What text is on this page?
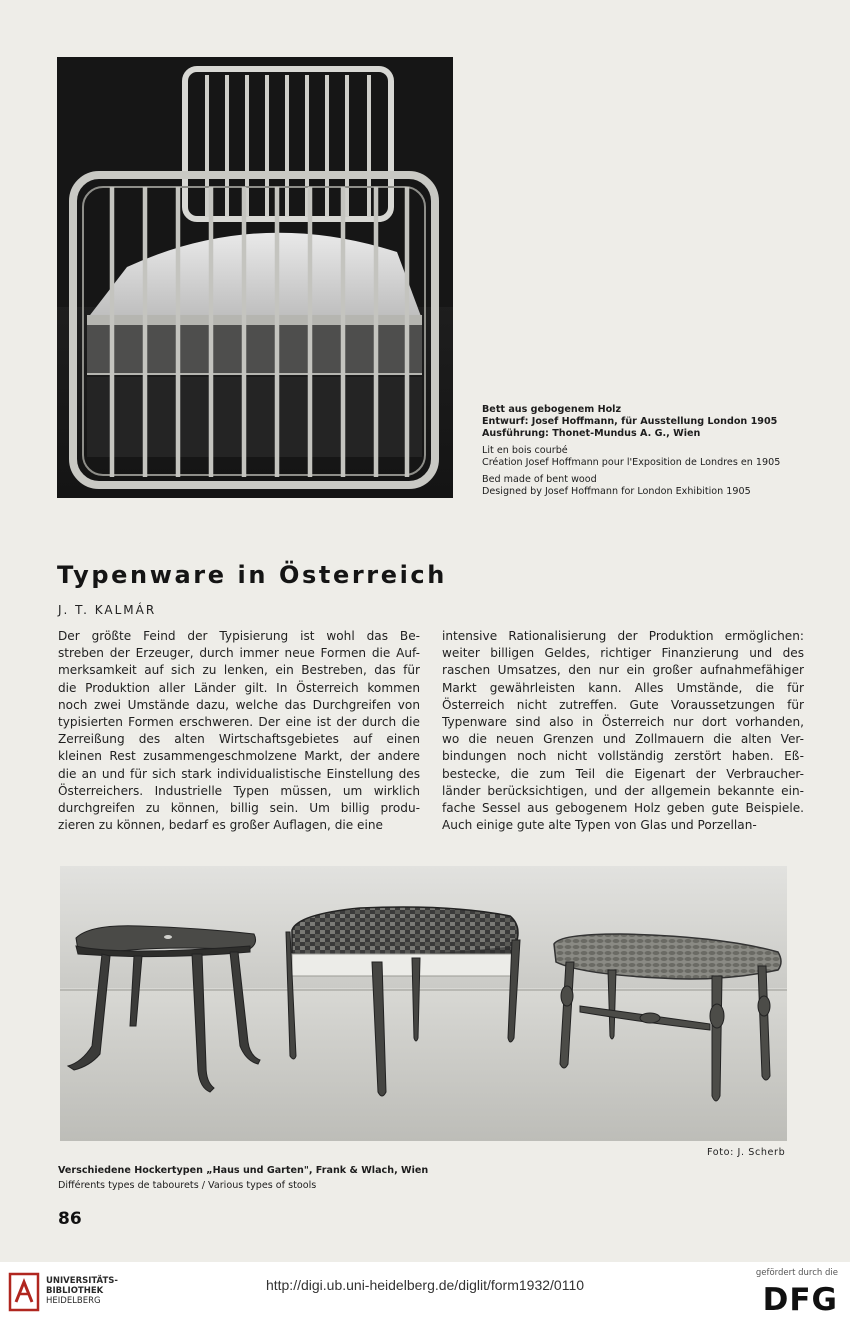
Bett aus gebogenem Holz
Entwurf: Josef Hoffmann, für Ausstellung London 1905
Ausführung: Thonet-Mundus A. G., Wien
Lit en bois courbé
Création Josef Hoffmann pour l'Exposition de Londres en 1905
Bed made of bent wood
Designed by Josef Hoffmann for London Exhibition 1905
Typenware in Österreich
J. T. KALMÁR
Der größte Feind der Typisierung ist wohl das Be-
streben der Erzeuger, durch immer neue Formen die Auf-
merksamkeit auf sich zu lenken, ein Bestreben, das für
die Produktion aller Länder gilt. In Österreich kommen
noch zwei Umstände dazu, welche das Durchgreifen von
typisierten Formen erschweren. Der eine ist der durch die
Zerreißung des alten Wirtschaftsgebietes auf einen
kleinen Rest zusammengeschmolzene Markt, der andere
die an und für sich stark individualistische Einstellung des
Österreichers. Industrielle Typen müssen, um wirklich
durchgreifen zu können, billig sein. Um billig produ-
zieren zu können, bedarf es großer Auflagen, die eine
intensive Rationalisierung der Produktion ermöglichen:
weiter billigen Geldes, richtiger Finanzierung und des
raschen Umsatzes, den nur ein großer aufnahmefähiger
Markt gewährleisten kann. Alles Umstände, die für
Österreich nicht zutreffen. Gute Voraussetzungen für
Typenware sind also in Österreich nur dort vorhanden,
wo die neuen Grenzen und Zollmauern die alten Ver-
bindungen noch nicht vollständig zerstört haben. Eß-
bestecke, die zum Teil die Eigenart der Verbraucher-
länder berücksichtigen, und der allgemein bekannte ein-
fache Sessel aus gebogenem Holz geben gute Beispiele.
Auch einige gute alte Typen von Glas und Porzellan-
Foto: J. Scherb
Verschiedene Hockertypen „Haus und Garten", Frank & Wlach, Wien
Différents types de tabourets / Various types of stools
86
UNIVERSITÄTS-
BIBLIOTHEK
HEIDELBERG
gefördert durch die
DFG
http://digi.ub.uni-heidelberg.de/diglit/form1932/0110
